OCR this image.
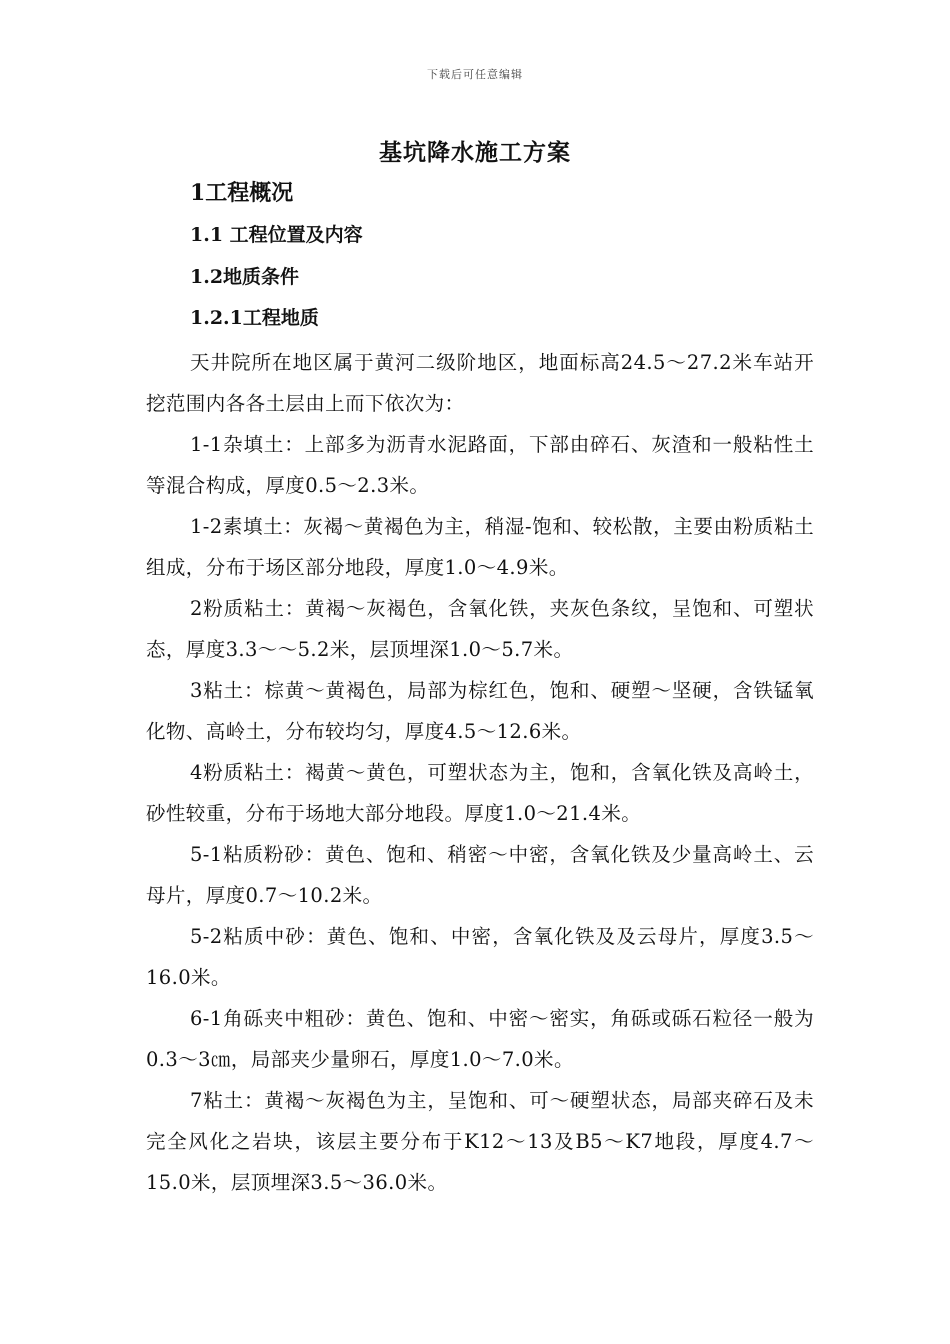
下载后可任意编辑
基坑降水施工方案
1工程概况
1.1 工程位置及内容
1.2地质条件
1.2.1工程地质

天井院所在地区属于黄河二级阶地区，地面标高24.5～27.2米车站开挖范围内各各土层由上而下依次为：

1-1杂填土：上部多为沥青水泥路面，下部由碎石、灰渣和一般粘性土等混合构成，厚度0.5～2.3米。

1-2素填土：灰褐～黄褐色为主，稍湿-饱和、较松散，主要由粉质粘土组成，分布于场区部分地段，厚度1.0～4.9米。

2粉质粘土：黄褐～灰褐色，含氧化铁，夹灰色条纹，呈饱和、可塑状态，厚度3.3～～5.2米，层顶埋深1.0～5.7米。

3粘土：棕黄～黄褐色，局部为棕红色，饱和、硬塑～坚硬，含铁锰氧化物、高岭土，分布较均匀，厚度4.5～12.6米。

4粉质粘土：褐黄～黄色，可塑状态为主，饱和，含氧化铁及高岭土，砂性较重，分布于场地大部分地段。厚度1.0～21.4米。

5-1粘质粉砂：黄色、饱和、稍密～中密，含氧化铁及少量高岭土、云母片，厚度0.7～10.2米。

5-2粘质中砂：黄色、饱和、中密，含氧化铁及及云母片，厚度3.5～16.0米。

6-1角砾夹中粗砂：黄色、饱和、中密～密实，角砾或砾石粒径一般为0.3～3㎝，局部夹少量卵石，厚度1.0～7.0米。

7粘土：黄褐～灰褐色为主，呈饱和、可～硬塑状态，局部夹碎石及未完全风化之岩块，该层主要分布于K12～13及B5～K7地段，厚度4.7～15.0米，层顶埋深3.5～36.0米。
